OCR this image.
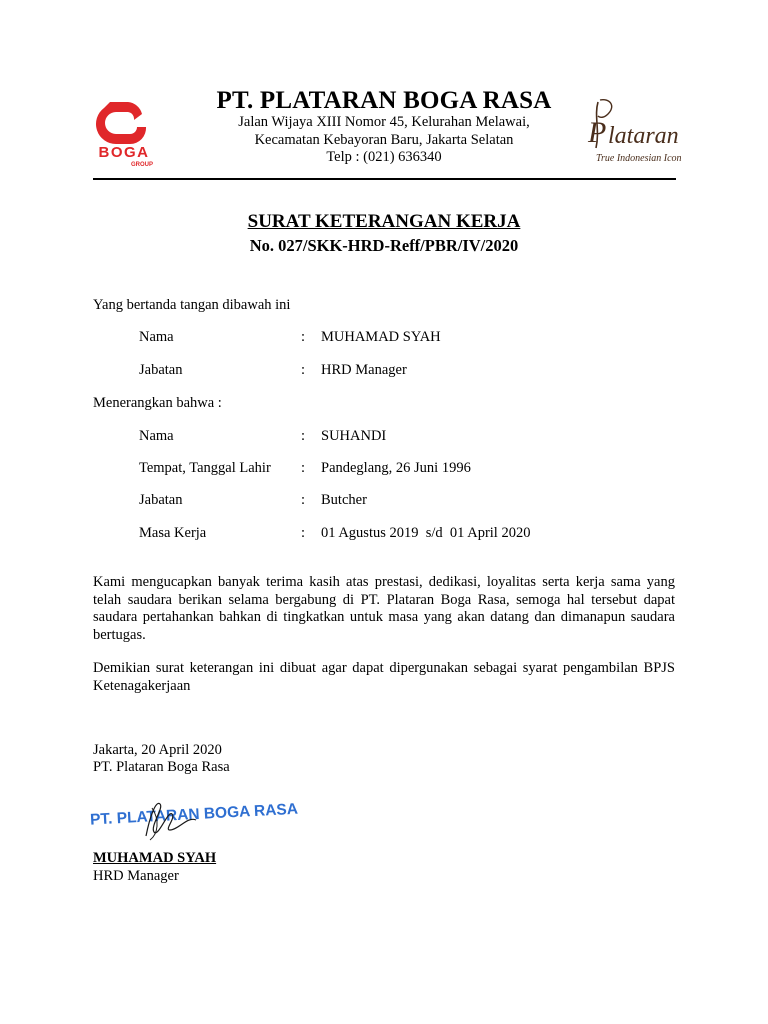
BOGA
GROUP
P lataran
True Indonesian Icon
PT. PLATARAN BOGA RASA
Jalan Wijaya XIII Nomor 45, Kelurahan Melawai,
Kecamatan Kebayoran Baru, Jakarta Selatan
Telp : (021) 636340
SURAT KETERANGAN KERJA
No. 027/SKK-HRD-Reff/PBR/IV/2020
Yang bertanda tangan dibawah ini
Nama	: MUHAMAD SYAH
Jabatan	: HRD Manager
Menerangkan bahwa :
Nama	: SUHANDI
Tempat, Tanggal Lahir : Pandeglang, 26 Juni 1996
Jabatan	: Butcher
Masa Kerja	: 01 Agustus 2019  s/d  01 April 2020
Kami mengucapkan banyak terima kasih atas prestasi, dedikasi, loyalitas serta kerja sama yang telah saudara berikan selama bergabung di PT. Plataran Boga Rasa, semoga hal tersebut dapat saudara pertahankan bahkan di tingkatkan untuk masa yang akan datang dan dimanapun saudara bertugas.
Demikian surat keterangan ini dibuat agar dapat dipergunakan sebagai syarat pengambilan BPJS Ketenagakerjaan
Jakarta, 20 April 2020
PT. Plataran Boga Rasa
PT. PLATARAN BOGA RASA
MUHAMAD SYAH
HRD Manager
